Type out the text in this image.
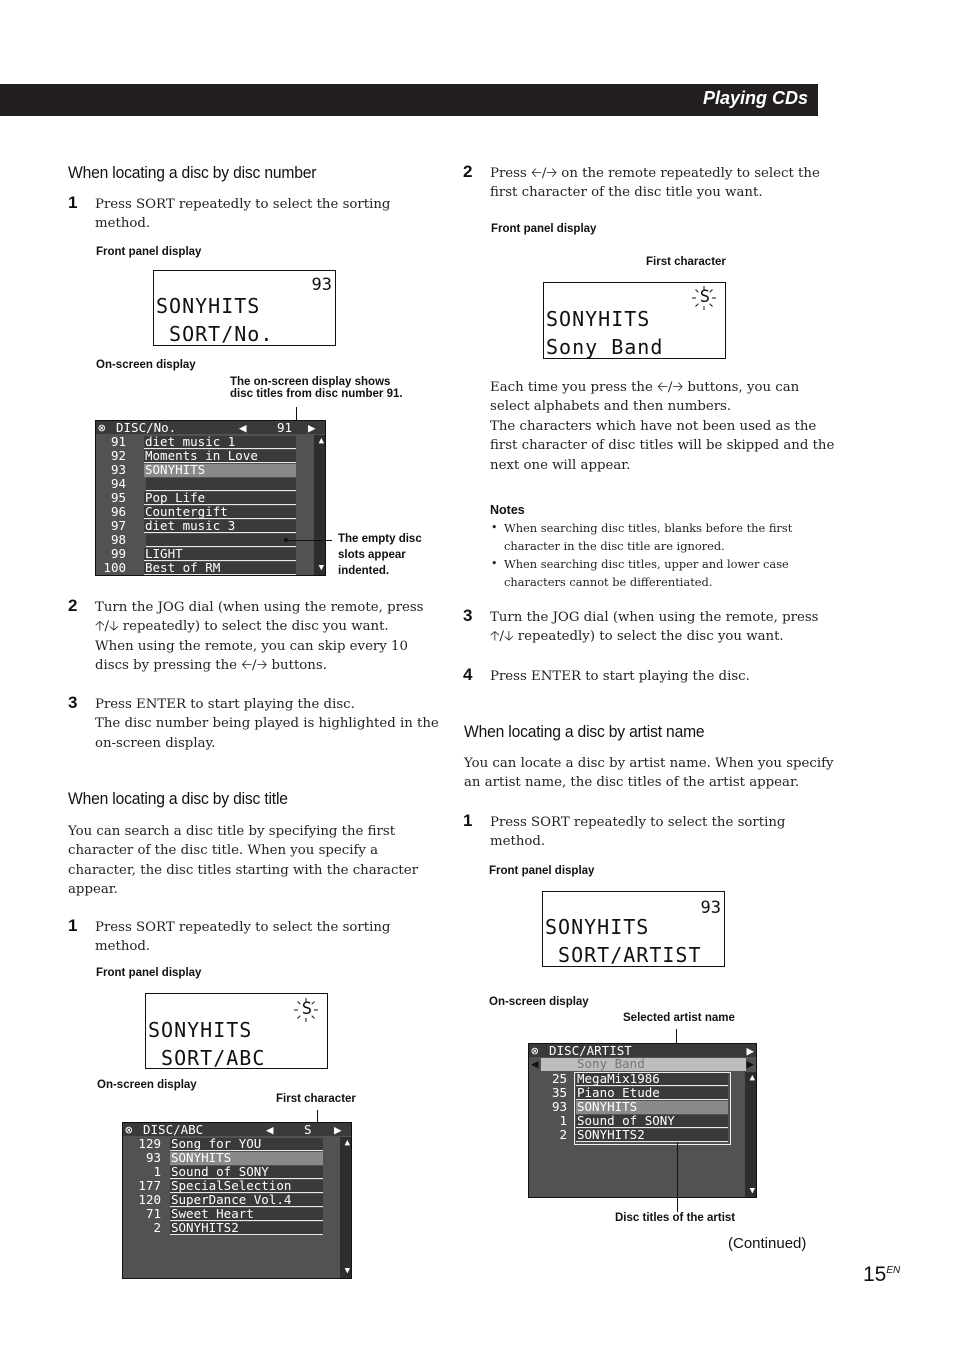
Playing CDs
When locating a disc by disc number
1 Press SORT repeatedly to select the sorting
method.
Front panel display
93
SONYHITS
SORT/No.
On-screen display
The on-screen display shows
disc titles from disc number 91.
⊗ DISC/No.	◀ 91 ▶
▲
▼
91 diet music 1
92 Moments in Love
93 SONYHITS
94
95 Pop Life
96 Countergift
97 diet music 3
98
99 LIGHT
100 Best of RM
The empty disc
slots appear
indented.
2 Turn the JOG dial (when using the remote, press
🡡/🡣 repeatedly) to select the disc you want.
When using the remote, you can skip every 10
discs by pressing the 🡠/🡢 buttons.
3 Press ENTER to start playing the disc.
The disc number being played is highlighted in the
on-screen display.
When locating a disc by disc title
You can search a disc title by specifying the first
character of the disc title. When you specify a
character, the disc titles starting with the character
appear.
1 Press SORT repeatedly to select the sorting
method.
Front panel display
S
SONYHITS
SORT/ABC
On-screen display
First character
⊗ DISC/ABC	◀ S ▶
▲
▼
129 Song for YOU
93 SONYHITS
1 Sound of SONY
177 SpecialSelection
120 SuperDance Vol.4
71 Sweet Heart
2 SONYHITS2
2 Press 🡠/🡢 on the remote repeatedly to select the
first character of the disc title you want.
Front panel display
First character
S
SONYHITS
Sony Band
Each time you press the 🡠/🡢 buttons, you can
select alphabets and then numbers.
The characters which have not been used as the
first character of disc titles will be skipped and the
next one will appear.
Notes
• When searching disc titles, blanks before the first
character in the disc title are ignored.
• When searching disc titles, upper and lower case
characters cannot be differentiated.
3 Turn the JOG dial (when using the remote, press
🡡/🡣 repeatedly) to select the disc you want.
4 Press ENTER to start playing the disc.
When locating a disc by artist name
You can locate a disc by artist name. When you specify
an artist name, the disc titles of the artist appear.
1 Press SORT repeatedly to select the sorting
method.
Front panel display
93
SONYHITS
SORT/ARTIST
On-screen display
Selected artist name
⊗ DISC/ARTIST	▶
◀	Sony Band	▶
▲
▼
25 MegaMix1986
35 Piano Etude
93 SONYHITS
1 Sound of SONY
2 SONYHITS2
Disc titles of the artist
(Continued)
$15^{EN}$
